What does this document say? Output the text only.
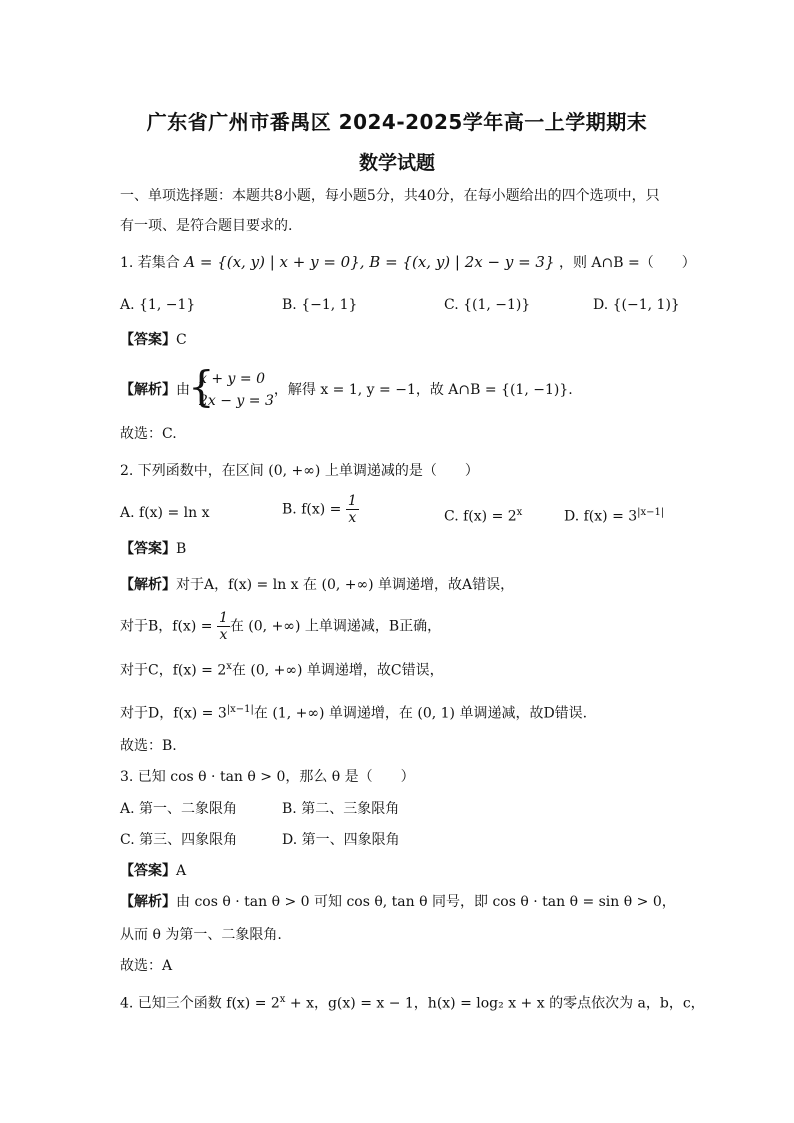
广东省广州市番禺区 2024-2025学年高一上学期期末
数学试题
一、单项选择题：本题共8小题，每小题5分，共40分，在每小题给出的四个选项中，只
有一项、是符合题目要求的.
1. 若集合 A = {(x, y) | x + y = 0}, B = {(x, y) | 2x − y = 3} ，则 A∩B =（　　）
A. {1, −1}	B. {−1, 1}	C. {(1, −1)}	D. {(−1, 1)}
【答案】C
【解析】由
{
x + y = 0
2x − y = 3
，解得 x = 1, y = −1，故 A∩B = {(1, −1)}.
故选：C.
2. 下列函数中，在区间 (0, +∞) 上单调递减的是（　　）
A. f(x) = ln x	B. $f(x) = \frac{1}{x}$	C. $f(x) = 2^x$	D. $f(x) = 3^{|x-1|}$
【答案】B
【解析】对于A，f(x) = ln x 在 (0, +∞) 单调递增，故A错误，
对于B，$f(x) = \frac{1}{x}$ 在 (0, +∞) 上单调递减，B正确，
对于C，$f(x) = 2^x$在 (0, +∞) 单调递增，故C错误，
对于D，$f(x) = 3^{|x-1|}$在 (1, +∞) 单调递增，在 (0, 1) 单调递减，故D错误.
故选：B.
3. 已知 cos θ · tan θ > 0，那么 θ 是（　　）
A. 第一、二象限角	B. 第二、三象限角
C. 第三、四象限角	D. 第一、四象限角
【答案】A
【解析】由 cos θ · tan θ > 0 可知 cos θ, tan θ 同号，即 cos θ · tan θ = sin θ > 0，
从而 θ 为第一、二象限角.
故选：A
4. 已知三个函数 $f(x) = 2^x + x$，g(x) = x − 1，h(x) = log₂ x + x 的零点依次为 a，b，c，
